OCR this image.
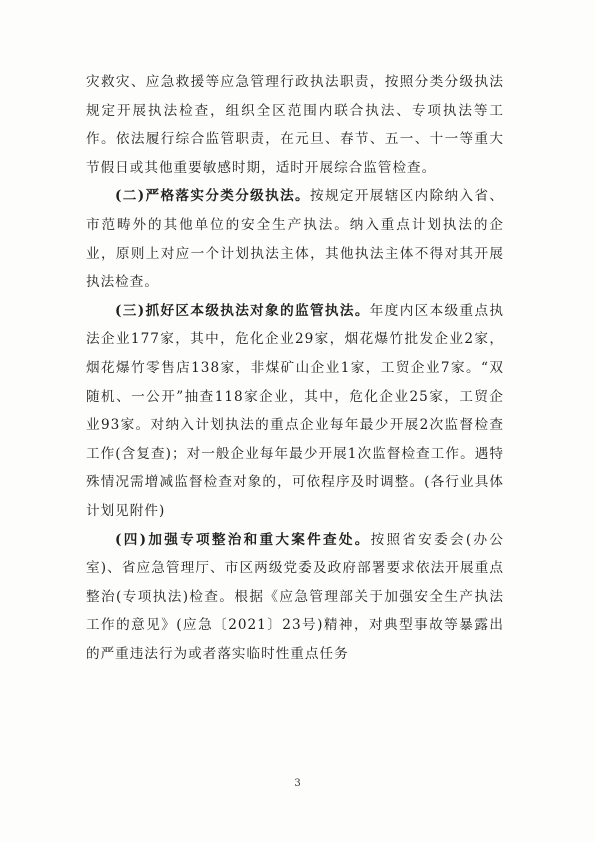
灾救灾、应急救援等应急管理行政执法职责，按照分类分级执法规定开展执法检查，组织全区范围内联合执法、专项执法等工作。依法履行综合监管职责，在元旦、春节、五一、十一等重大节假日或其他重要敏感时期，适时开展综合监管检查。

(二)严格落实分类分级执法。按规定开展辖区内除纳入省、市范畴外的其他单位的安全生产执法。纳入重点计划执法的企业，原则上对应一个计划执法主体，其他执法主体不得对其开展执法检查。

(三)抓好区本级执法对象的监管执法。年度内区本级重点执法企业177家，其中，危化企业29家，烟花爆竹批发企业2家，烟花爆竹零售店138家，非煤矿山企业1家，工贸企业7家。“双随机、一公开”抽查118家企业，其中，危化企业25家，工贸企业93家。对纳入计划执法的重点企业每年最少开展2次监督检查工作(含复查)；对一般企业每年最少开展1次监督检查工作。遇特殊情况需增减监督检查对象的，可依程序及时调整。(各行业具体计划见附件)

(四)加强专项整治和重大案件查处。按照省安委会(办公室)、省应急管理厅、市区两级党委及政府部署要求依法开展重点整治(专项执法)检查。根据《应急管理部关于加强安全生产执法工作的意见》(应急〔2021〕23号)精神，对典型事故等暴露出的严重违法行为或者落实临时性重点任务

3
